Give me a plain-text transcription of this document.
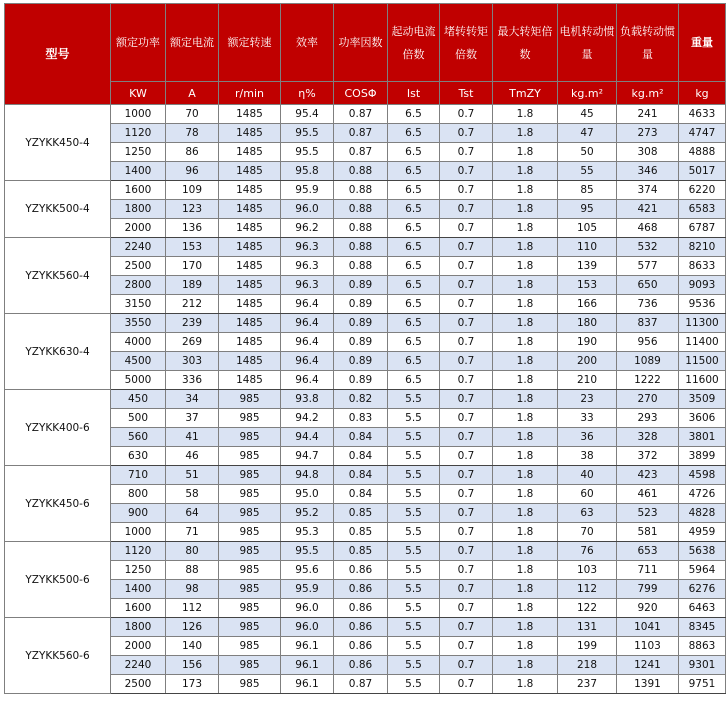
型号	额定功率	额定电流	额定转速	效率	功率因数	起动电流倍数	堵转转矩倍数	最大转矩倍数	电机转动惯量	负载转动惯量	重量

	KW	A	r/min	η%	COSΦ	Ist	Tst	TmZY	kg.m²	kg.m²	kg
YZYKK450-4	1000	70	1485	95.4	0.87	6.5	0.7	1.8	45	241	4633
	1120	78	1485	95.5	0.87	6.5	0.7	1.8	47	273	4747
	1250	86	1485	95.5	0.87	6.5	0.7	1.8	50	308	4888
	1400	96	1485	95.8	0.88	6.5	0.7	1.8	55	346	5017
YZYKK500-4	1600	109	1485	95.9	0.88	6.5	0.7	1.8	85	374	6220
	1800	123	1485	96.0	0.88	6.5	0.7	1.8	95	421	6583
	2000	136	1485	96.2	0.88	6.5	0.7	1.8	105	468	6787
YZYKK560-4	2240	153	1485	96.3	0.88	6.5	0.7	1.8	110	532	8210
	2500	170	1485	96.3	0.88	6.5	0.7	1.8	139	577	8633
	2800	189	1485	96.3	0.89	6.5	0.7	1.8	153	650	9093
	3150	212	1485	96.4	0.89	6.5	0.7	1.8	166	736	9536
YZYKK630-4	3550	239	1485	96.4	0.89	6.5	0.7	1.8	180	837	11300
	4000	269	1485	96.4	0.89	6.5	0.7	1.8	190	956	11400
	4500	303	1485	96.4	0.89	6.5	0.7	1.8	200	1089	11500
	5000	336	1485	96.4	0.89	6.5	0.7	1.8	210	1222	11600
YZYKK400-6	450	34	985	93.8	0.82	5.5	0.7	1.8	23	270	3509
	500	37	985	94.2	0.83	5.5	0.7	1.8	33	293	3606
	560	41	985	94.4	0.84	5.5	0.7	1.8	36	328	3801
	630	46	985	94.7	0.84	5.5	0.7	1.8	38	372	3899
YZYKK450-6	710	51	985	94.8	0.84	5.5	0.7	1.8	40	423	4598
	800	58	985	95.0	0.84	5.5	0.7	1.8	60	461	4726
	900	64	985	95.2	0.85	5.5	0.7	1.8	63	523	4828
	1000	71	985	95.3	0.85	5.5	0.7	1.8	70	581	4959
YZYKK500-6	1120	80	985	95.5	0.85	5.5	0.7	1.8	76	653	5638
	1250	88	985	95.6	0.86	5.5	0.7	1.8	103	711	5964
	1400	98	985	95.9	0.86	5.5	0.7	1.8	112	799	6276
	1600	112	985	96.0	0.86	5.5	0.7	1.8	122	920	6463
YZYKK560-6	1800	126	985	96.0	0.86	5.5	0.7	1.8	131	1041	8345
	2000	140	985	96.1	0.86	5.5	0.7	1.8	199	1103	8863
	2240	156	985	96.1	0.86	5.5	0.7	1.8	218	1241	9301
	2500	173	985	96.1	0.87	5.5	0.7	1.8	237	1391	9751
